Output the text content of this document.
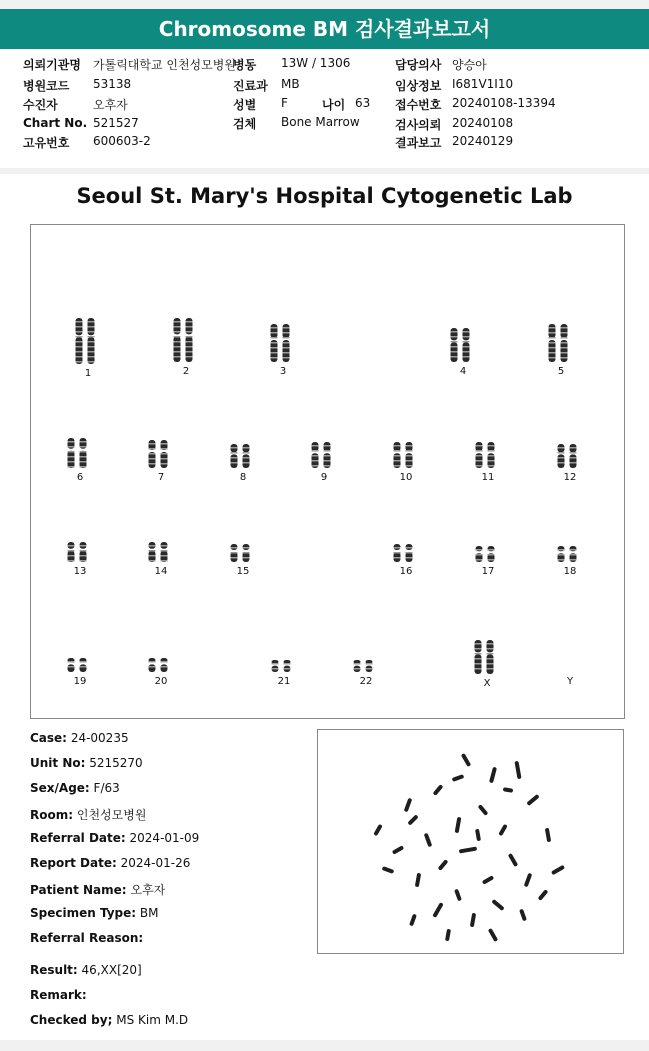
Chromosome BM 검사결과보고서
의뢰기관명 가톨릭대학교 인천성모병원
병동 13W / 1306	담당의사 양승아
병원코드 53138	진료과 MB	임상정보 I681V1I10
수진자	오후자	성별 F	나이 63 접수번호 20240108-13394
Chart No. 521527	검체 Bone Marrow	검사의뢰 20240108
고유번호 600603-2	결과보고 20240129
Seoul St. Mary's Hospital Cytogenetic Lab
1	2	3	4	5
6	7	8	9	10	11	12
13	14	15	16	17	18
19	20	21	22	X	Y
Case: 24-00235
Unit No: 5215270
Sex/Age: F/63
Room: 인천성모병원
Referral Date: 2024-01-09
Report Date: 2024-01-26
Patient Name: 오후자
Specimen Type: BM
Referral Reason:
Result: 46,XX[20]
Remark:
Checked by; MS Kim M.D
